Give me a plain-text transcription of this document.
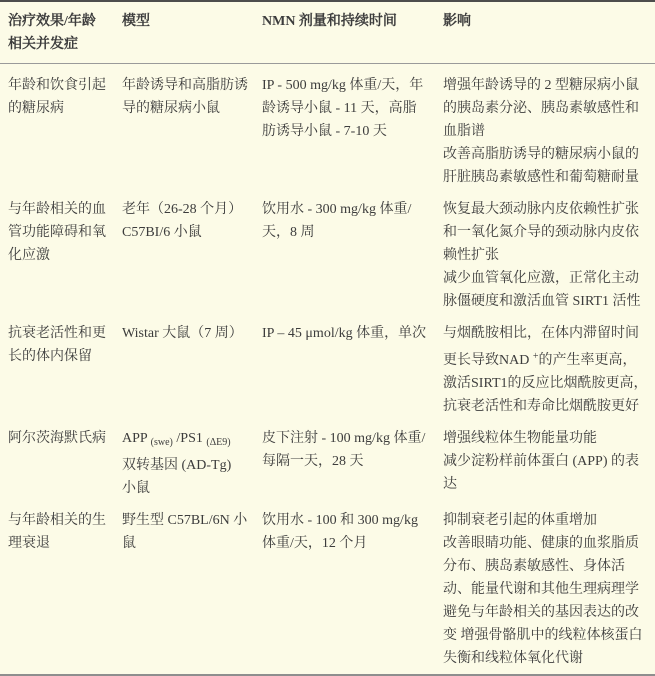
治疗效果/年龄相关并发症	模型	NMN 剂量和持续时间	影响

年龄和饮食引起的糖尿病	年龄诱导和高脂肪诱导的糖尿病小鼠	IP - 500 mg/kg 体重/天，年龄诱导小鼠 - 11 天，高脂肪诱导小鼠 - 7-10 天	增强年龄诱导的 2 型糖尿病小鼠的胰岛素分泌、胰岛素敏感性和血脂谱
改善高脂肪诱导的糖尿病小鼠的肝脏胰岛素敏感性和葡萄糖耐量

与年龄相关的血管功能障碍和氧化应激	老年（26-28 个月）C57BI/6 小鼠	饮用水 - 300 mg/kg 体重/天，8 周	恢复最大颈动脉内皮依赖性扩张和一氧化氮介导的颈动脉内皮依赖性扩张
减少血管氧化应激，正常化主动脉僵硬度和激活血管 SIRT1 活性

抗衰老活性和更长的体内保留	Wistar 大鼠（7 周）	IP – 45 μmol/kg 体重，单次	与烟酰胺相比，在体内滞留时间更长导致NAD +的产生率更高，激活SIRT1的反应比烟酰胺更高，抗衰老活性和寿命比烟酰胺更好

阿尔茨海默氏病	APP $_{(swe)}$ /PS1 $_{(\Delta E9)}$ 双转基因 (AD-Tg) 小鼠	皮下注射 - 100 mg/kg 体重/每隔一天，28 天	增强线粒体生物能量功能
减少淀粉样前体蛋白 (APP) 的表达

与年龄相关的生理衰退	野生型 C57BL/6N 小鼠	饮用水 - 100 和 300 mg/kg 体重/天，12 个月	抑制衰老引起的体重增加
改善眼睛功能、健康的血浆脂质分布、胰岛素敏感性、身体活动、能量代谢和其他生理病理学
避免与年龄相关的基因表达的改变 增强骨骼肌中的线粒体核蛋白失衡和线粒体氧化代谢
